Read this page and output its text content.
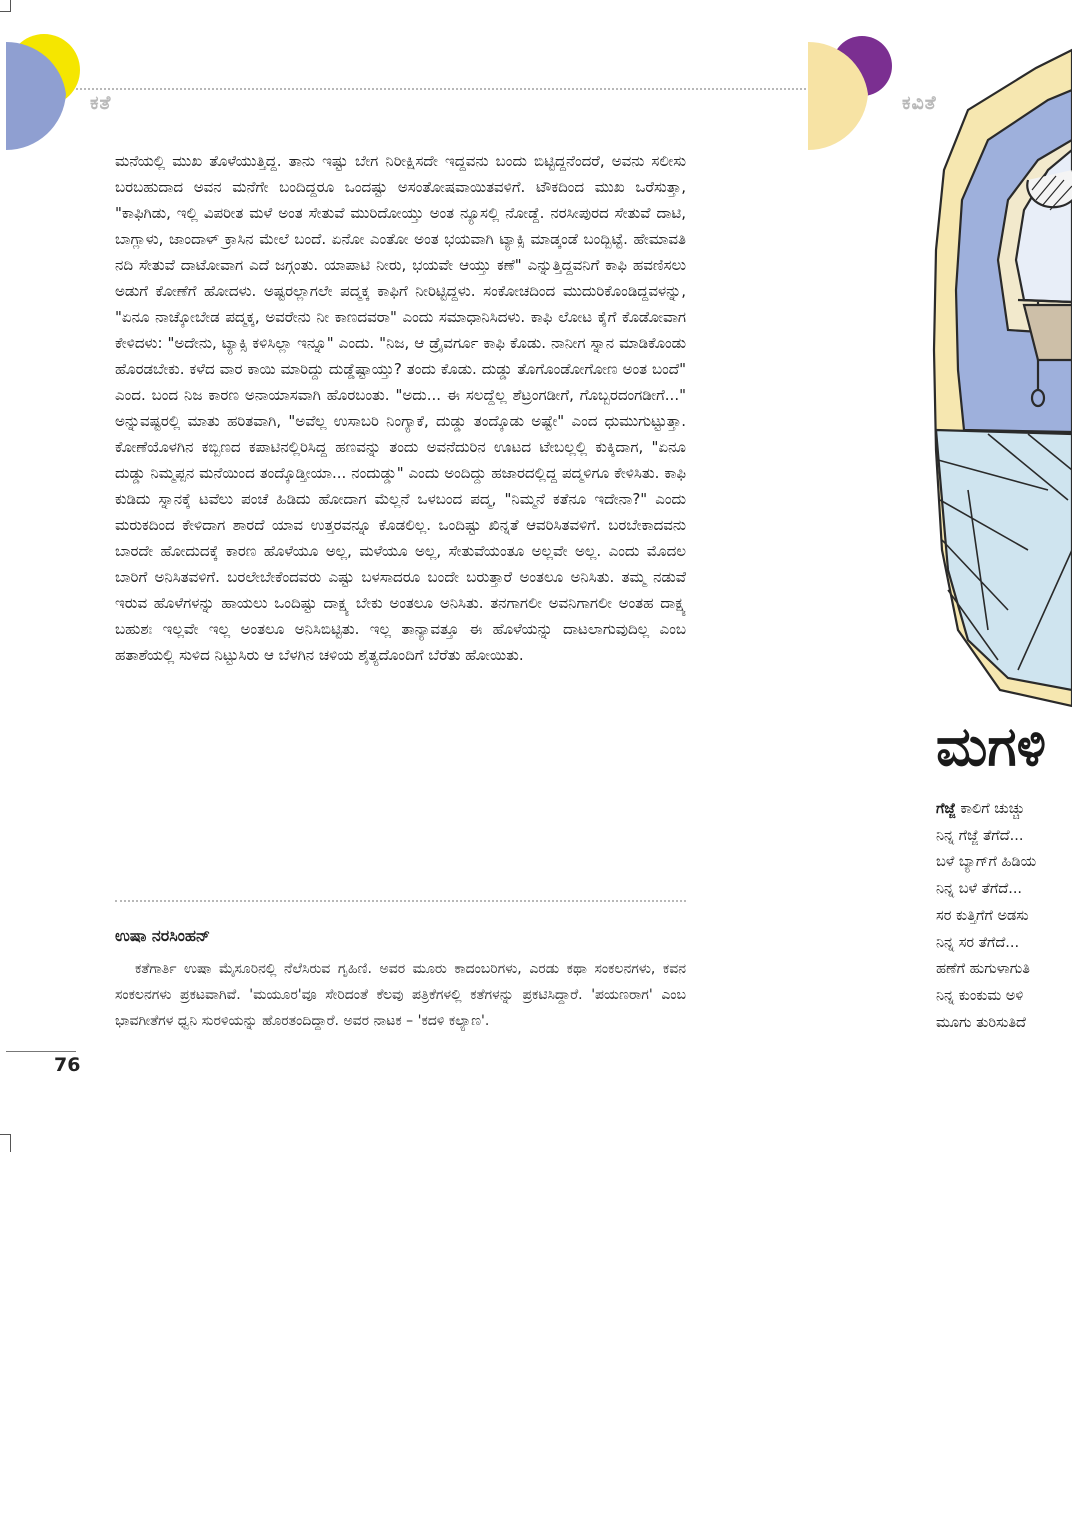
ಕತೆ

ಮನೆಯಲ್ಲಿ ಮುಖ ತೊಳೆಯುತ್ತಿದ್ದ. ತಾನು ಇಷ್ಟು ಬೇಗ ನಿರೀಕ್ಷಿಸದೇ ಇದ್ದವನು ಬಂದು ಬಿಟ್ಟಿದ್ದನೆಂದರೆ, ಅವನು ಸಲೀಸು ಬರಬಹುದಾದ ಅವನ ಮನೆಗೇ ಬಂದಿದ್ದರೂ ಒಂದಷ್ಟು ಅಸಂತೋಷವಾಯಿತವಳಿಗೆ. ಟೌಕದಿಂದ ಮುಖ ಒರೆಸುತ್ತಾ, "ಕಾಫಿಗಿಡು, ಇಲ್ಲಿ ವಿಪರೀತ ಮಳೆ ಅಂತ ಸೇತುವೆ ಮುರಿದೋಯ್ತು ಅಂತ ನ್ಯೂಸಲ್ಲಿ ನೋಡ್ದೆ. ನರಸೀಪುರದ ಸೇತುವೆ ದಾಟಿ, ಬಾಗ್ಲಾಳು, ಜಾಂದಾಳ್ ಕ್ರಾಸಿನ ಮೇಲೆ ಬಂದೆ. ಏನೋ ಎಂತೋ ಅಂತ ಭಯವಾಗಿ ಟ್ಯಾಕ್ಸಿ ಮಾಡ್ಕಂಡೆ ಬಂದ್ಬಿಟ್ಟೆ. ಹೇಮಾವತಿ ನದಿ ಸೇತುವೆ ದಾಟೋವಾಗ ಎದೆ ಜಗ್ಗಂತು. ಯಾಪಾಟಿ ನೀರು, ಭಯವೇ ಆಯ್ತು ಕಣೆ" ಎನ್ನುತ್ತಿದ್ದವನಿಗೆ ಕಾಫಿ ಹವಣಿಸಲು ಅಡುಗೆ ಕೋಣೆಗೆ ಹೋದಳು. ಅಷ್ಟರಲ್ಲಾಗಲೇ ಪದ್ಮಕ್ಕ ಕಾಫಿಗೆ ನೀರಿಟ್ಟಿದ್ದಳು. ಸಂಕೋಚದಿಂದ ಮುದುರಿಕೊಂಡಿದ್ದವಳನ್ನು, "ಏನೂ ನಾಚ್ಕೋಬೇಡ ಪದ್ಮಕ್ಕ, ಅವರೇನು ನೀ ಕಾಣದವರಾ" ಎಂದು ಸಮಾಧಾನಿಸಿದಳು. ಕಾಫಿ ಲೋಟ ಕೈಗೆ ಕೊಡೋವಾಗ ಕೇಳಿದಳು: "ಅದೇನು, ಟ್ಯಾಕ್ಸಿ ಕಳಿಸಿಲ್ಲಾ ಇನ್ನೂ" ಎಂದು. "ನಿಜ, ಆ ಡ್ರೈವರ್ಗೂ ಕಾಫಿ ಕೊಡು. ನಾನೀಗ ಸ್ನಾನ ಮಾಡಿಕೊಂಡು ಹೊರಡಬೇಕು. ಕಳೆದ ವಾರ ಕಾಯಿ ಮಾರಿದ್ದು ದುಡ್ಡೆಷ್ಟಾಯ್ತು? ತಂದು ಕೊಡು. ದುಡ್ಡು ತೊಗೊಂಡೋಗೋಣ ಅಂತ ಬಂದೆ" ಎಂದ. ಬಂದ ನಿಜ ಕಾರಣ ಅನಾಯಾಸವಾಗಿ ಹೊರಬಂತು. "ಅದು... ಈ ಸಲದ್ದೆಲ್ಲ ಶೆಟ್ರಂಗಡೀಗೆ, ಗೊಬ್ಬರದಂಗಡೀಗೆ..." ಅನ್ನುವಷ್ಟರಲ್ಲಿ ಮಾತು ಹರಿತವಾಗಿ, "ಅವೆಲ್ಲ ಉಸಾಬರಿ ನಿಂಗ್ಯಾಕೆ, ದುಡ್ಡು ತಂದ್ಕೊಡು ಅಷ್ಟೇ" ಎಂದ ಧುಮುಗುಟ್ಟುತ್ತಾ. ಕೋಣೆಯೊಳಗಿನ ಕಬ್ಬಿಣದ ಕಪಾಟಿನಲ್ಲಿರಿಸಿದ್ದ ಹಣವನ್ನು ತಂದು ಅವನೆದುರಿನ ಊಟದ ಟೇಬಲ್ಲಲ್ಲಿ ಕುಕ್ಕಿದಾಗ, "ಏನೂ ದುಡ್ಡು ನಿಮ್ಮಪ್ಪನ ಮನೆಯಿಂದ ತಂದ್ಕೊಡ್ತೀಯಾ... ನಂದುಡ್ಡು" ಎಂದು ಅಂದಿದ್ದು ಹಜಾರದಲ್ಲಿದ್ದ ಪದ್ಮಳಿಗೂ ಕೇಳಿಸಿತು. ಕಾಫಿ ಕುಡಿದು ಸ್ನಾನಕ್ಕೆ ಟವೆಲು ಪಂಚೆ ಹಿಡಿದು ಹೋದಾಗ ಮೆಲ್ಲನೆ ಒಳಬಂದ ಪದ್ಮ, "ನಿಮ್ಮನೆ ಕತೆನೂ ಇದೇನಾ?" ಎಂದು ಮರುಕದಿಂದ ಕೇಳಿದಾಗ ಶಾರದೆ ಯಾವ ಉತ್ತರವನ್ನೂ ಕೊಡಲಿಲ್ಲ. ಒಂದಿಷ್ಟು ಖಿನ್ನತೆ ಆವರಿಸಿತವಳಿಗೆ. ಬರಬೇಕಾದವನು ಬಾರದೇ ಹೋದುದಕ್ಕೆ ಕಾರಣ ಹೊಳೆಯೂ ಅಲ್ಲ, ಮಳೆಯೂ ಅಲ್ಲ, ಸೇತುವೆಯಂತೂ ಅಲ್ಲವೇ ಅಲ್ಲ. ಎಂದು ಮೊದಲ ಬಾರಿಗೆ ಅನಿಸಿತವಳಿಗೆ. ಬರಲೇಬೇಕೆಂದವರು ಎಷ್ಟು ಬಳಸಾದರೂ ಬಂದೇ ಬರುತ್ತಾರೆ ಅಂತಲೂ ಅನಿಸಿತು. ತಮ್ಮ ನಡುವೆ ಇರುವ ಹೊಳೆಗಳನ್ನು ಹಾಯಲು ಒಂದಿಷ್ಟು ದಾಕ್ಷ್ಯ ಬೇಕು ಅಂತಲೂ ಅನಿಸಿತು. ತನಗಾಗಲೀ ಅವನಿಗಾಗಲೀ ಅಂತಹ ದಾಕ್ಷ್ಯ ಬಹುಶಃ ಇಲ್ಲವೇ ಇಲ್ಲ ಅಂತಲೂ ಅನಿಸಿಬಿಟ್ಟಿತು. ಇಲ್ಲ ತಾನ್ಯಾವತ್ತೂ ಈ ಹೊಳೆಯನ್ನು ದಾಟಲಾಗುವುದಿಲ್ಲ ಎಂಬ ಹತಾಶೆಯಲ್ಲಿ ಸುಳಿದ ನಿಟ್ಟುಸಿರು ಆ ಬೆಳಗಿನ ಚಳಿಯ ಶೈತ್ಯದೊಂದಿಗೆ ಬೆರೆತು ಹೋಯಿತು.

ಉಷಾ ನರಸಿಂಹನ್

ಕತೆಗಾರ್ತಿ ಉಷಾ ಮೈಸೂರಿನಲ್ಲಿ ನೆಲೆಸಿರುವ ಗೃಹಿಣಿ. ಅವರ ಮೂರು ಕಾದಂಬರಿಗಳು, ಎರಡು ಕಥಾ ಸಂಕಲನಗಳು, ಕವನ ಸಂಕಲನಗಳು ಪ್ರಕಟವಾಗಿವೆ. 'ಮಯೂರ'ವೂ ಸೇರಿದಂತೆ ಕೆಲವು ಪತ್ರಿಕೆಗಳಲ್ಲಿ ಕತೆಗಳನ್ನು ಪ್ರಕಟಿಸಿದ್ದಾರೆ. 'ಪಯಣರಾಗ' ಎಂಬ ಭಾವಗೀತೆಗಳ ಧ್ವನಿ ಸುರಳಿಯನ್ನು ಹೊರತಂದಿದ್ದಾರೆ. ಅವರ ನಾಟಕ – 'ಕದಳಿ ಕಲ್ಯಾಣ'.

76
ಕವಿತೆ
ಮಗಳಿ
ಗೆಜ್ಜೆ ಕಾಲಿಗೆ ಚುಚ್ಚು
ನಿನ್ನ ಗೆಜ್ಜೆ ತೆಗೆದೆ...
ಬಳೆ ಬ್ಯಾಗ್‌ಗೆ ಹಿಡಿಯ
ನಿನ್ನ ಬಳೆ ತೆಗೆದೆ...
ಸರ ಕುತ್ತಿಗೆಗೆ ಅಡಸು
ನಿನ್ನ ಸರ ತೆಗೆದೆ...
ಹಣೆಗೆ ಹುಗುಳಾಗುತಿ
ನಿನ್ನ ಕುಂಕುಮ ಅಳಿ
ಮೂಗು ತುರಿಸುತಿದೆ
